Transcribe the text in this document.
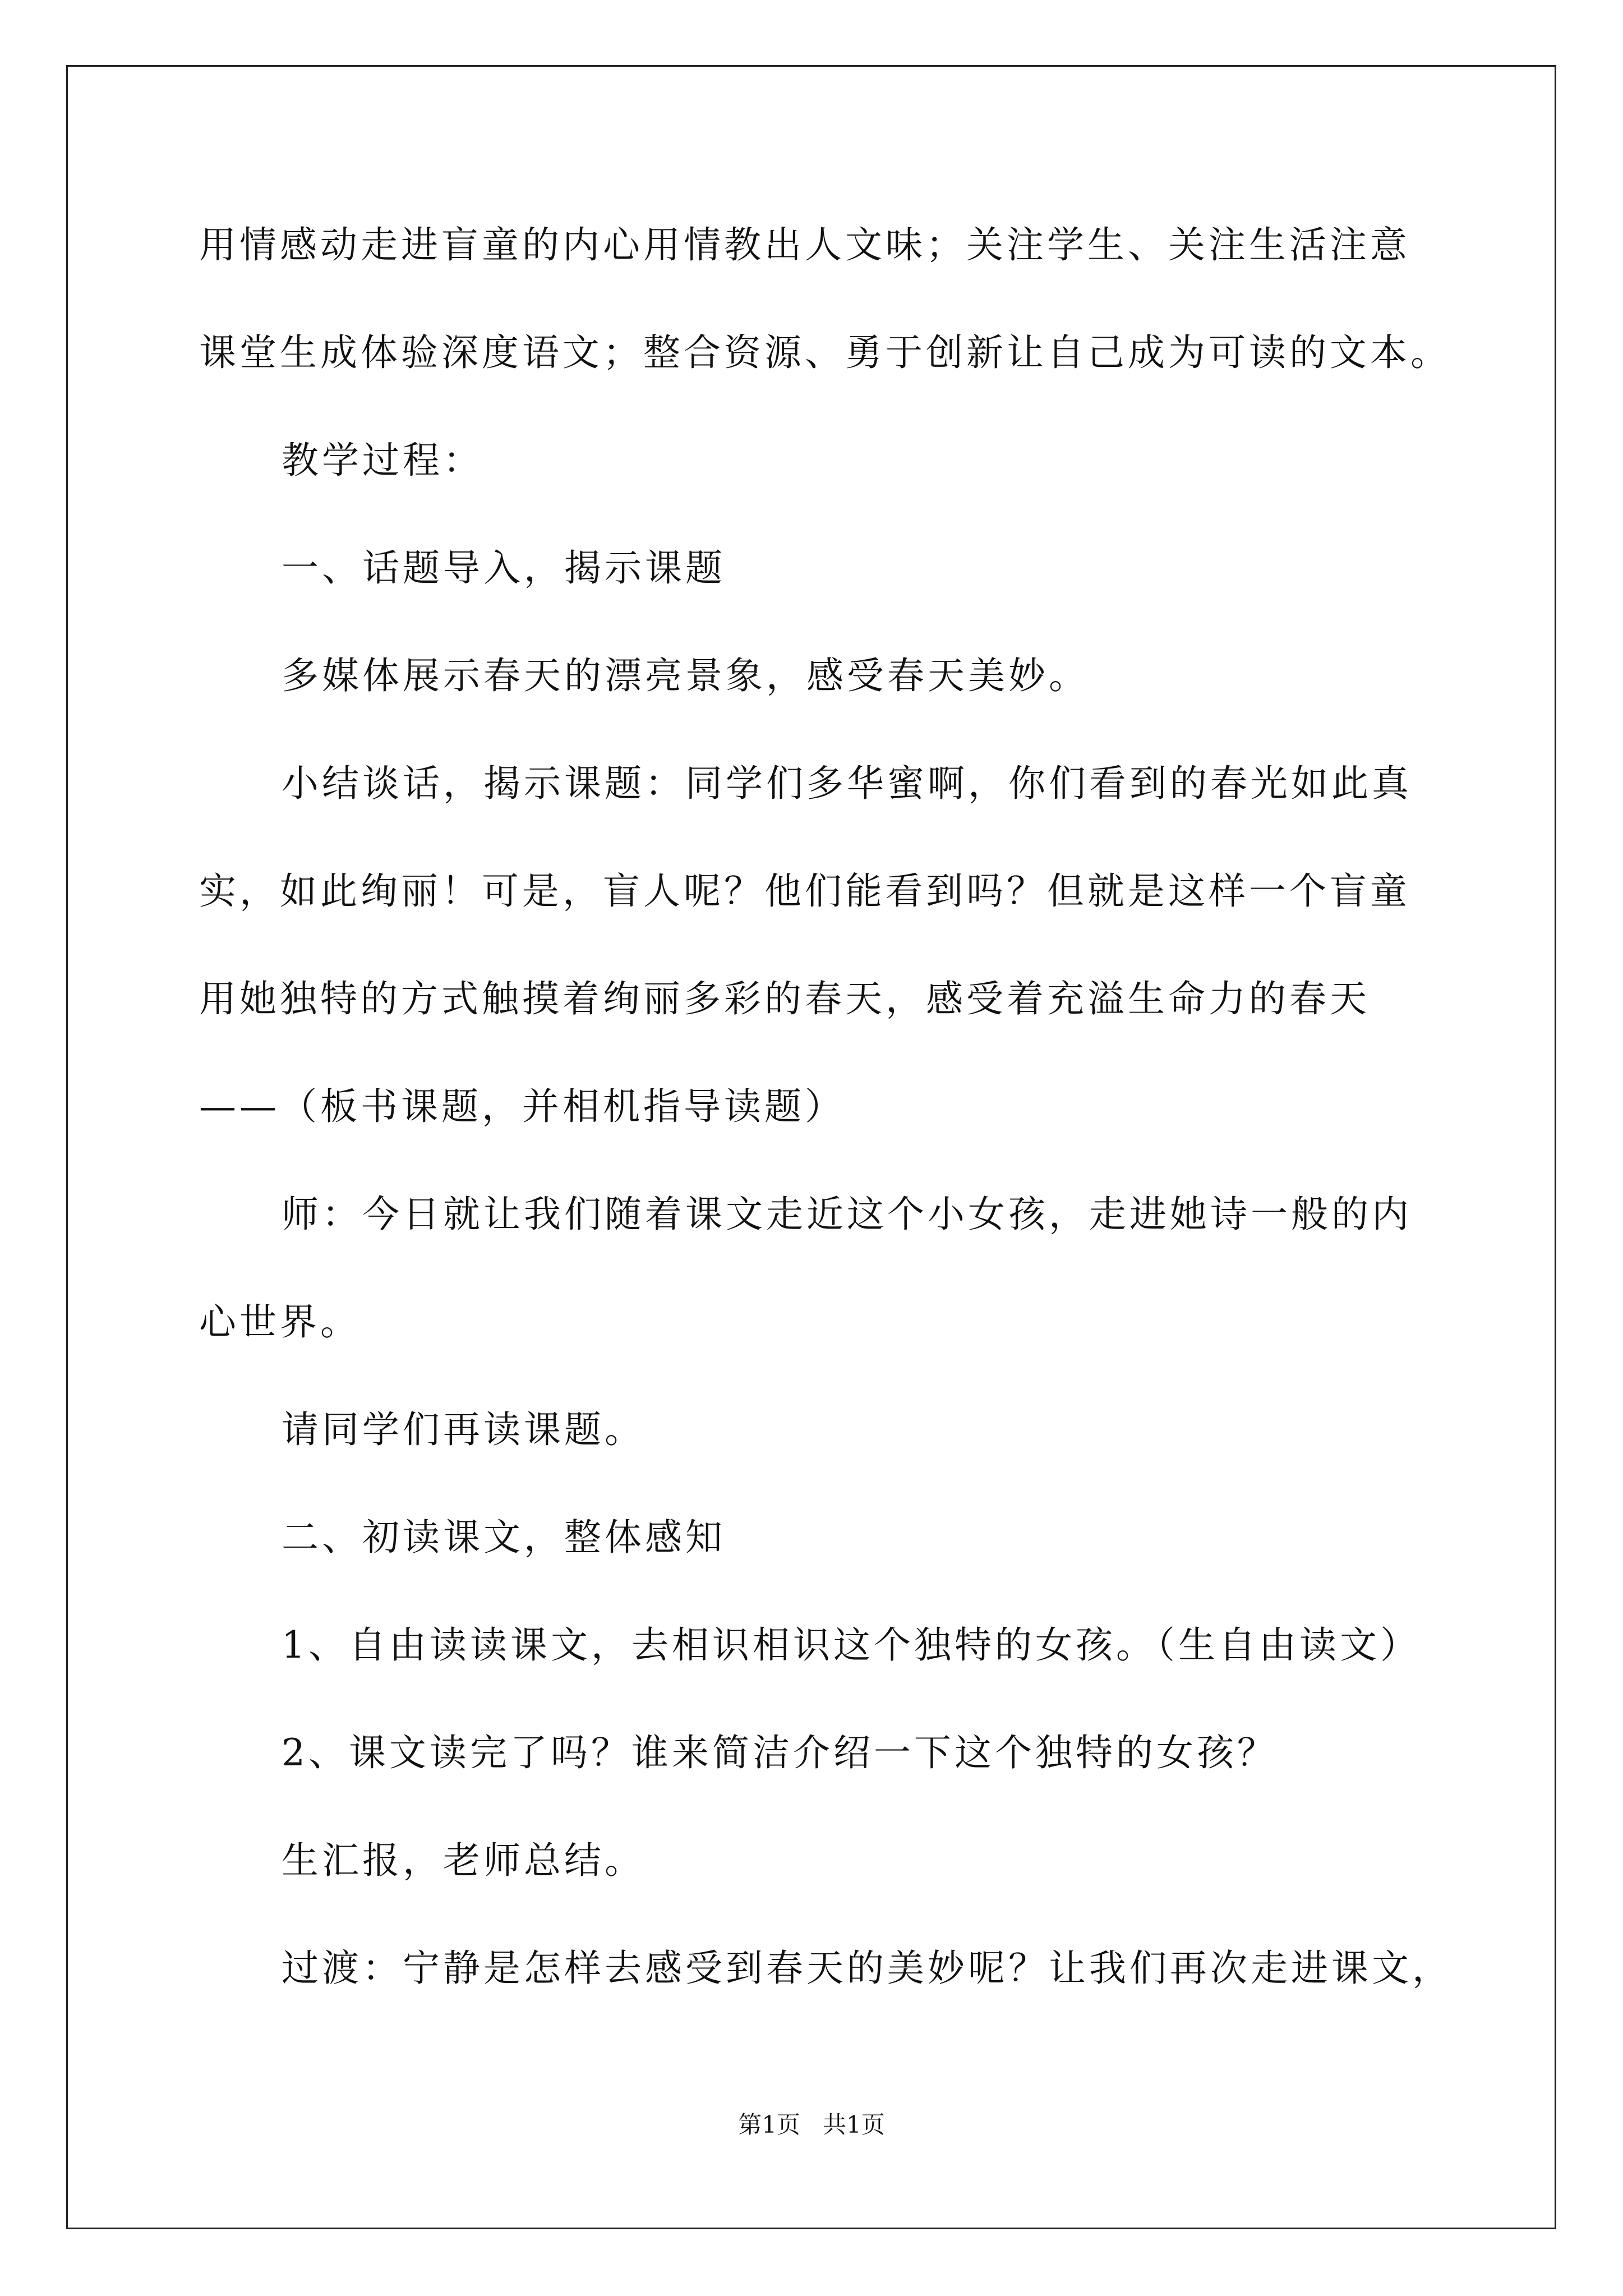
用情感动走进盲童的内心用情教出人文味；关注学生、关注生活注意
课堂生成体验深度语文；整合资源、勇于创新让自己成为可读的文本。
教学过程：
一、话题导入，揭示课题
多媒体展示春天的漂亮景象，感受春天美妙。
小结谈话，揭示课题：同学们多华蜜啊，你们看到的春光如此真
实，如此绚丽！可是，盲人呢？他们能看到吗？但就是这样一个盲童
用她独特的方式触摸着绚丽多彩的春天，感受着充溢生命力的春天
——（板书课题，并相机指导读题）
师：今日就让我们随着课文走近这个小女孩，走进她诗一般的内
心世界。
请同学们再读课题。
二、初读课文，整体感知
1、自由读读课文，去相识相识这个独特的女孩。（生自由读文）
2、课文读完了吗？谁来简洁介绍一下这个独特的女孩？
生汇报，老师总结。
过渡：宁静是怎样去感受到春天的美妙呢？让我们再次走进课文，
第1页   共1页
